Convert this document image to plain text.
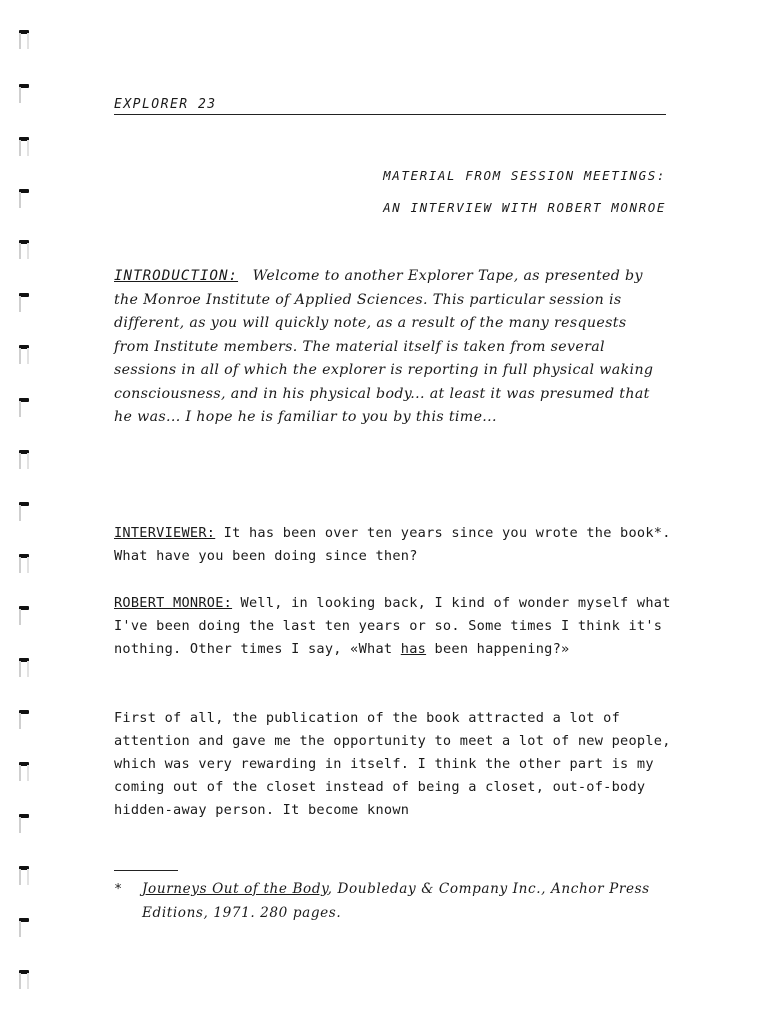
EXPLORER 23
MATERIAL FROM SESSION MEETINGS:
AN INTERVIEW WITH ROBERT MONROE
INTRODUCTION: Welcome to another Explorer Tape, as presented by the Monroe Institute of Applied Sciences. This particular session is different, as you will quickly note, as a result of the many resquests from Institute members. The material itself is taken from several sessions in all of which the explorer is reporting in full physical waking consciousness, and in his physical body... at least it was presumed that he was... I hope he is familiar to you by this time...
INTERVIEWER: It has been over ten years since you wrote the book*. What have you been doing since then?
ROBERT MONROE: Well, in looking back, I kind of wonder myself what I've been doing the last ten years or so. Some times I think it's nothing. Other times I say, «What has been happening?»
First of all, the publication of the book attracted a lot of attention and gave me the opportunity to meet a lot of new people, which was very rewarding in itself. I think the other part is my coming out of the closet instead of being a closet, out-of-body hidden-away person. It become known
* Journeys Out of the Body, Doubleday & Company Inc., Anchor Press Editions, 1971. 280 pages.
